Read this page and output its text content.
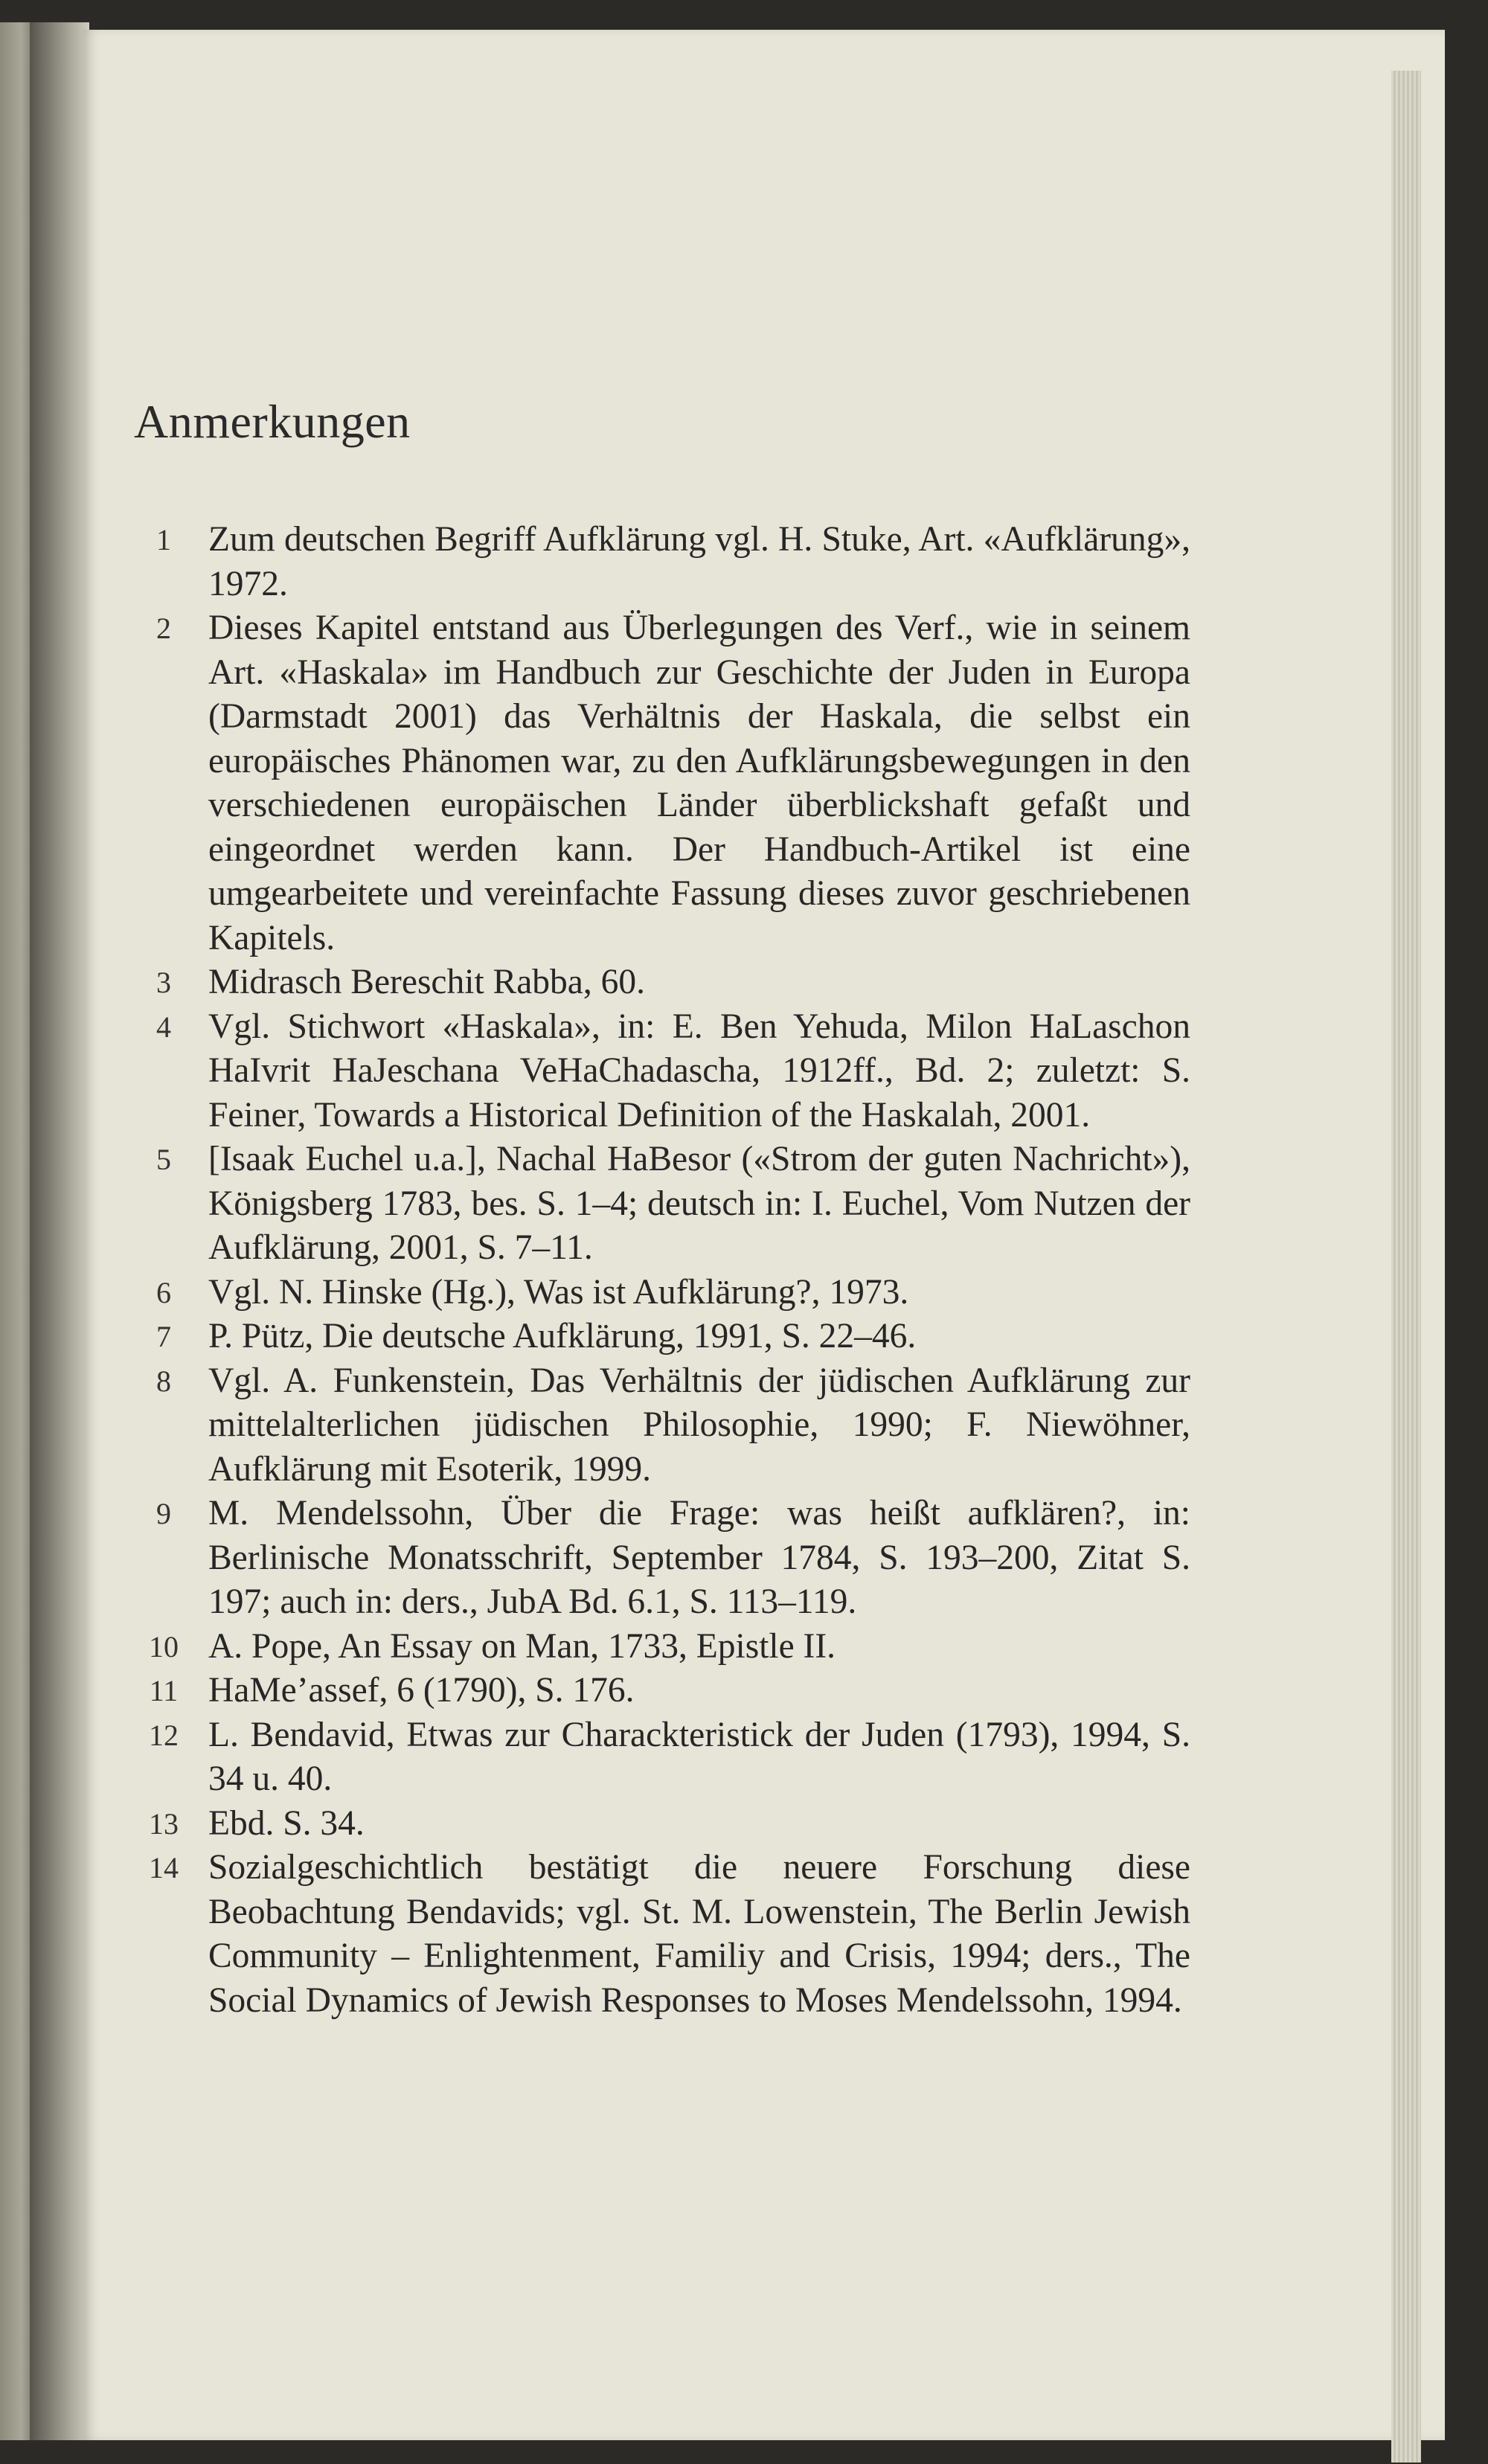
Anmerkungen
1	Zum deutschen Begriff Aufklärung vgl. H. Stuke, Art. «Aufklärung», 1972.
2	Dieses Kapitel entstand aus Überlegungen des Verf., wie in seinem Art. «Haskala» im Handbuch zur Geschichte der Juden in Europa (Darmstadt 2001) das Verhältnis der Haskala, die selbst ein europäisches Phänomen war, zu den Aufklärungsbewegungen in den verschiedenen europäischen Länder überblickshaft gefaßt und eingeordnet werden kann. Der Handbuch-Artikel ist eine umgearbeitete und vereinfachte Fassung dieses zuvor geschriebenen Kapitels.
3	Midrasch Bereschit Rabba, 60.
4	Vgl. Stichwort «Haskala», in: E. Ben Yehuda, Milon HaLaschon HaIvrit HaJeschana VeHaChadascha, 1912ff., Bd. 2; zuletzt: S. Feiner, Towards a Historical Definition of the Haskalah, 2001.
5	[Isaak Euchel u.a.], Nachal HaBesor («Strom der guten Nachricht»), Königsberg 1783, bes. S. 1–4; deutsch in: I. Euchel, Vom Nutzen der Aufklärung, 2001, S. 7–11.
6	Vgl. N. Hinske (Hg.), Was ist Aufklärung?, 1973.
7	P. Pütz, Die deutsche Aufklärung, 1991, S. 22–46.
8	Vgl. A. Funkenstein, Das Verhältnis der jüdischen Aufklärung zur mittelalterlichen jüdischen Philosophie, 1990; F. Niewöhner, Aufklärung mit Esoterik, 1999.
9	M. Mendelssohn, Über die Frage: was heißt aufklären?, in: Berlinische Monatsschrift, September 1784, S. 193–200, Zitat S. 197; auch in: ders., JubA Bd. 6.1, S. 113–119.
10 A. Pope, An Essay on Man, 1733, Epistle II.
11 HaMe’assef, 6 (1790), S. 176.
12 L. Bendavid, Etwas zur Charackteristick der Juden (1793), 1994, S. 34 u. 40.
13 Ebd. S. 34.
14 Sozialgeschichtlich bestätigt die neuere Forschung diese Beobachtung Bendavids; vgl. St. M. Lowenstein, The Berlin Jewish Community – Enlightenment, Familiy and Crisis, 1994; ders., The Social Dynamics of Jewish Responses to Moses Mendelssohn, 1994.
